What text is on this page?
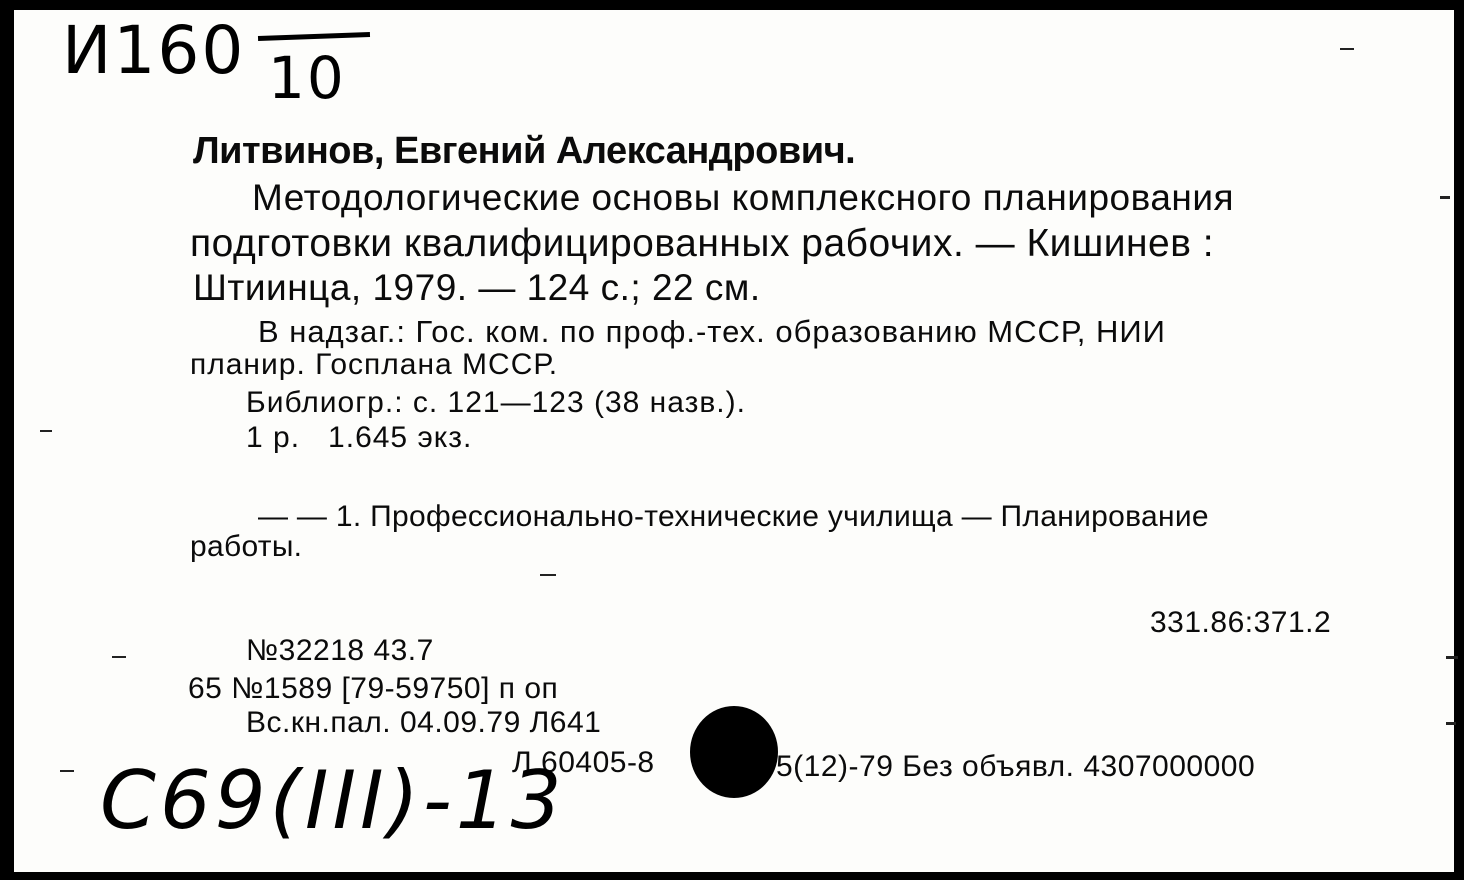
И160 10
Литвинов, Евгений Александрович.
Методологические основы комплексного планирования
подготовки квалифицированных рабочих. — Кишинев :
Штиинца, 1979. — 124 с.; 22 см.
В надзаг.: Гос. ком. по проф.-тех. образованию МССР, НИИ
планир. Госплана МССР.
Библиогр.: с. 121—123 (38 назв.).
1 р.   1.645 экз.
— — 1. Профессионально-технические училища — Планирование
работы.
331.86:371.2
№32218 43.7
65 №1589 [79-59750] п оп
Вс.кн.пал. 04.09.79 Л641
Л 60405-8	5(12)-79 Без объявл. 4307000000
С69(III)-13
